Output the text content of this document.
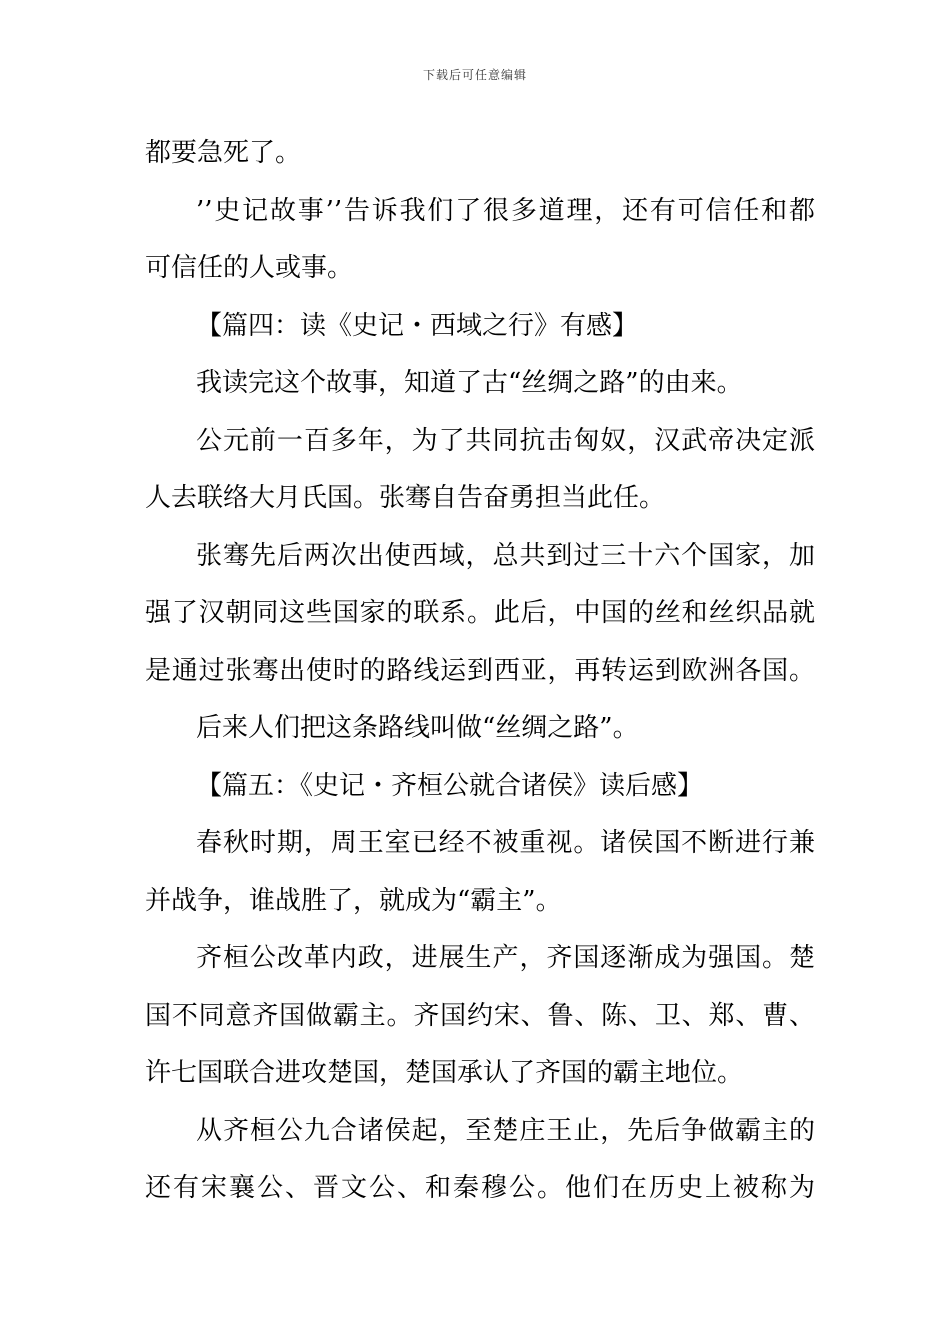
下载后可任意编辑
都要急死了。
’’史记故事’’告诉我们了很多道理，还有可信任和都
可信任的人或事。
【篇四：读《史记・西域之行》有感】
我读完这个故事，知道了古“丝绸之路”的由来。
公元前一百多年，为了共同抗击匈奴，汉武帝决定派
人去联络大月氏国。张骞自告奋勇担当此任。
张骞先后两次出使西域，总共到过三十六个国家，加
强了汉朝同这些国家的联系。此后，中国的丝和丝织品就
是通过张骞出使时的路线运到西亚，再转运到欧洲各国。
后来人们把这条路线叫做“丝绸之路”。
【篇五：《史记・齐桓公就合诸侯》读后感】
春秋时期，周王室已经不被重视。诸侯国不断进行兼
并战争，谁战胜了，就成为“霸主”。
齐桓公改革内政，进展生产，齐国逐渐成为强国。楚
国不同意齐国做霸主。齐国约宋、鲁、陈、卫、郑、曹、
许七国联合进攻楚国，楚国承认了齐国的霸主地位。
从齐桓公九合诸侯起，至楚庄王止，先后争做霸主的
还有宋襄公、晋文公、和秦穆公。他们在历史上被称为
